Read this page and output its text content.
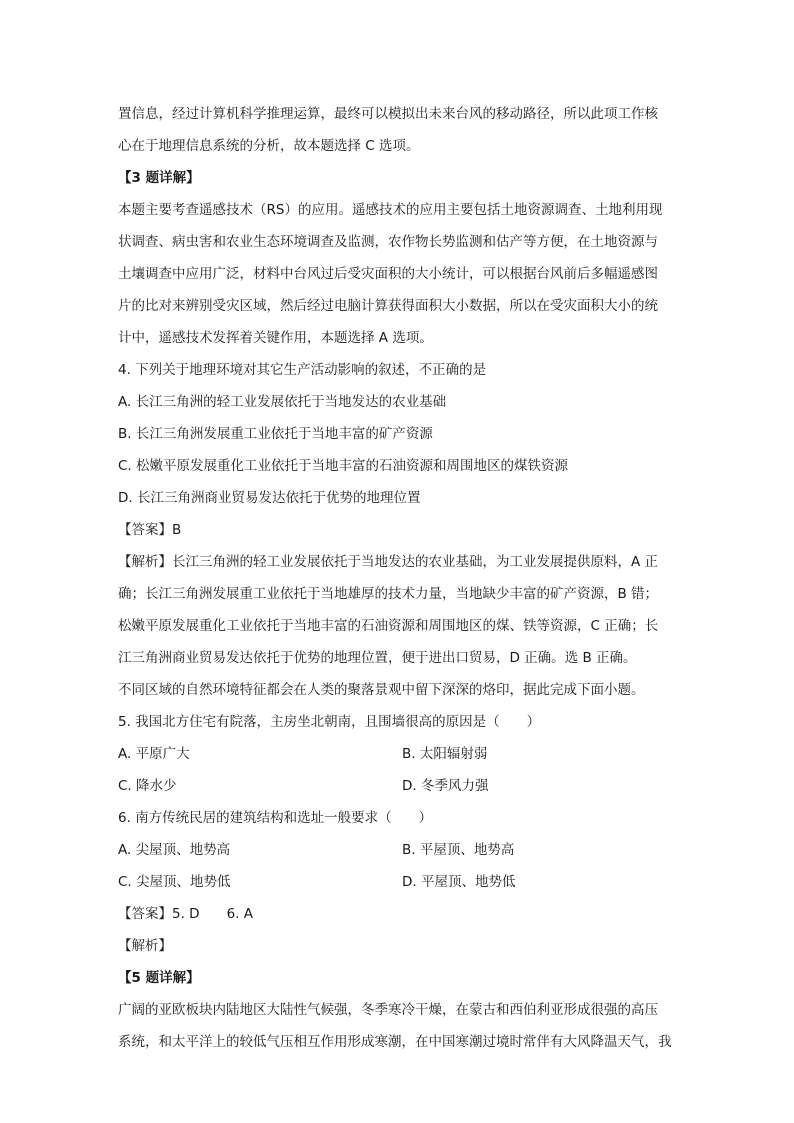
置信息，经过计算机科学推理运算，最终可以模拟出未来台风的移动路径，所以此项工作核
心在于地理信息系统的分析，故本题选择 C 选项。
【3 题详解】
本题主要考查遥感技术（RS）的应用。遥感技术的应用主要包括土地资源调查、土地利用现
状调查、病虫害和农业生态环境调查及监测，农作物长势监测和估产等方便，在土地资源与
土壤调查中应用广泛，材料中台风过后受灾面积的大小统计，可以根据台风前后多幅遥感图
片的比对来辨别受灾区域，然后经过电脑计算获得面积大小数据，所以在受灾面积大小的统
计中，遥感技术发挥着关键作用，本题选择 A 选项。
4. 下列关于地理环境对其它生产活动影响的叙述，不正确的是
A. 长江三角洲的轻工业发展依托于当地发达的农业基础
B. 长江三角洲发展重工业依托于当地丰富的矿产资源
C. 松嫩平原发展重化工业依托于当地丰富的石油资源和周围地区的煤铁资源
D. 长江三角洲商业贸易发达依托于优势的地理位置
【答案】B
【解析】长江三角洲的轻工业发展依托于当地发达的农业基础，为工业发展提供原料，A 正
确；长江三角洲发展重工业依托于当地雄厚的技术力量，当地缺少丰富的矿产资源，B 错；
松嫩平原发展重化工业依托于当地丰富的石油资源和周围地区的煤、铁等资源，C 正确；长
江三角洲商业贸易发达依托于优势的地理位置，便于进出口贸易，D 正确。选 B 正确。
不同区域的自然环境特征都会在人类的聚落景观中留下深深的烙印，据此完成下面小题。
5. 我国北方住宅有院落，主房坐北朝南，且围墙很高的原因是（　　）
A. 平原广大	B. 太阳辐射弱
C. 降水少	D. 冬季风力强
6. 南方传统民居的建筑结构和选址一般要求（　　）
A. 尖屋顶、地势高	B. 平屋顶、地势高
C. 尖屋顶、地势低	D. 平屋顶、地势低
【答案】5. D　　6. A
【解析】
【5 题详解】
广阔的亚欧板块内陆地区大陆性气候强，冬季寒冷干燥，在蒙古和西伯利亚形成很强的高压
系统，和太平洋上的较低气压相互作用形成寒潮，在中国寒潮过境时常伴有大风降温天气，我
